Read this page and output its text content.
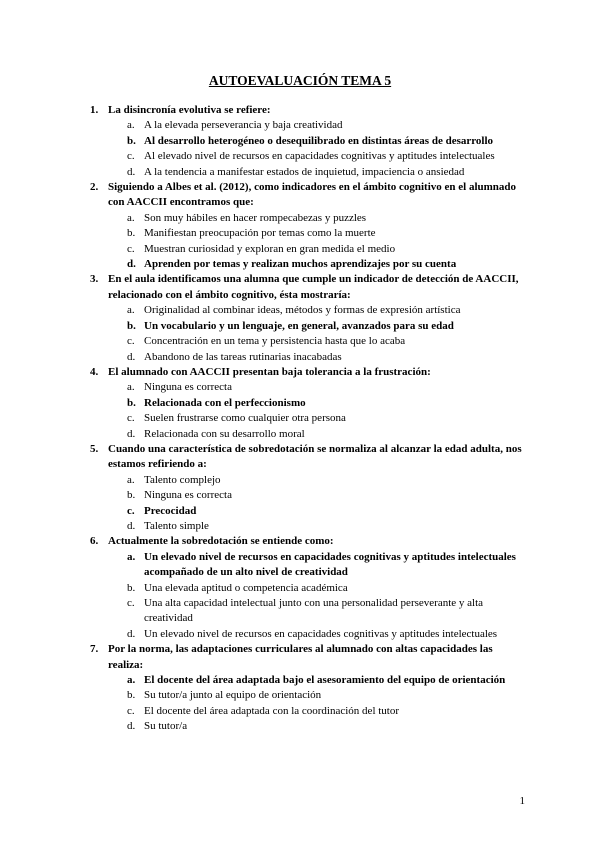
AUTOEVALUACIÓN TEMA 5
1. La disincronía evolutiva se refiere:
a. A la elevada perseverancia y baja creatividad
b. Al desarrollo heterogéneo o desequilibrado en distintas áreas de desarrollo
c. Al elevado nivel de recursos en capacidades cognitivas y aptitudes intelectuales
d. A la tendencia a manifestar estados de inquietud, impaciencia o ansiedad
2. Siguiendo a Albes et al. (2012), como indicadores en el ámbito cognitivo en el alumnado con AACCII encontramos que:
a. Son muy hábiles en hacer rompecabezas y puzzles
b. Manifiestan preocupación por temas como la muerte
c. Muestran curiosidad y exploran en gran medida el medio
d. Aprenden por temas y realizan muchos aprendizajes por su cuenta
3. En el aula identificamos una alumna que cumple un indicador de detección de AACCII, relacionado con el ámbito cognitivo, ésta mostraría:
a. Originalidad al combinar ideas, métodos y formas de expresión artística
b. Un vocabulario y un lenguaje, en general, avanzados para su edad
c. Concentración en un tema y persistencia hasta que lo acaba
d. Abandono de las tareas rutinarias inacabadas
4. El alumnado con AACCII presentan baja tolerancia a la frustración:
a. Ninguna es correcta
b. Relacionada con el perfeccionismo
c. Suelen frustrarse como cualquier otra persona
d. Relacionada con su desarrollo moral
5. Cuando una característica de sobredotación se normaliza al alcanzar la edad adulta, nos estamos refiriendo a:
a. Talento complejo
b. Ninguna es correcta
c. Precocidad
d. Talento simple
6. Actualmente la sobredotación se entiende como:
a. Un elevado nivel de recursos en capacidades cognitivas y aptitudes intelectuales acompañado de un alto nivel de creatividad
b. Una elevada aptitud o competencia académica
c. Una alta capacidad intelectual junto con una personalidad perseverante y alta creatividad
d. Un elevado nivel de recursos en capacidades cognitivas y aptitudes intelectuales
7. Por la norma, las adaptaciones curriculares al alumnado con altas capacidades las realiza:
a. El docente del área adaptada bajo el asesoramiento del equipo de orientación
b. Su tutor/a junto al equipo de orientación
c. El docente del área adaptada con la coordinación del tutor
d. Su tutor/a
1
